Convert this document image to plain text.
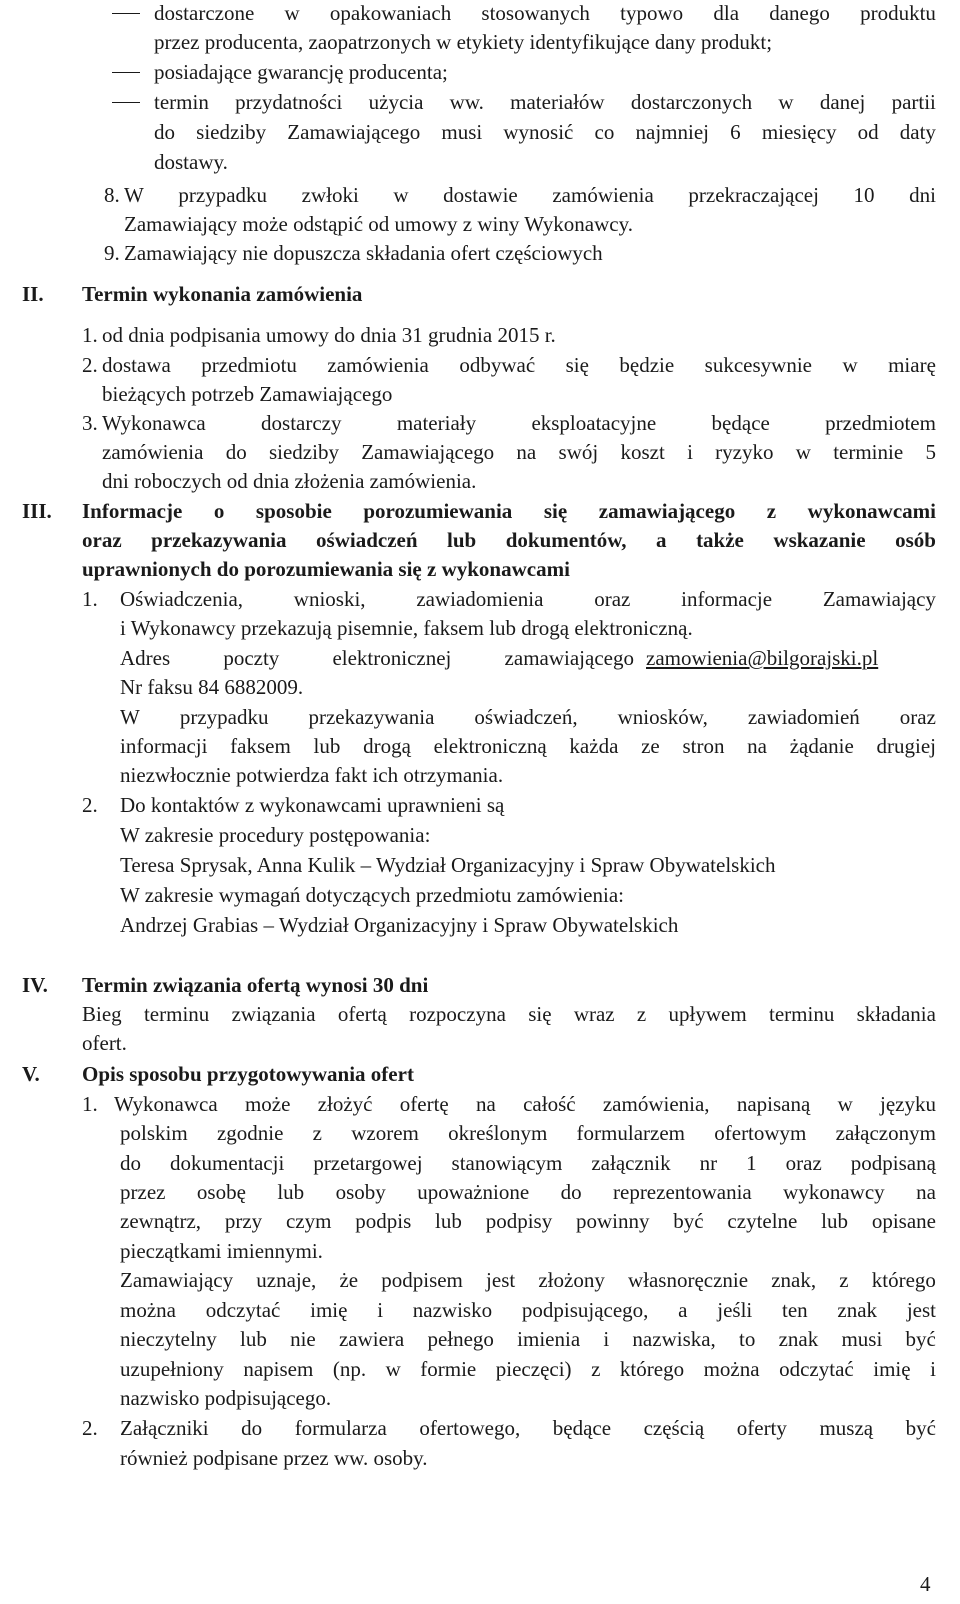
dostarczone w opakowaniach stosowanych typowo dla danego produktu
przez producenta, zaopatrzonych w etykiety identyfikujące dany produkt;
posiadające gwarancję producenta;
termin przydatności użycia ww. materiałów dostarczonych w danej partii
do siedziby Zamawiającego musi wynosić co najmniej 6 miesięcy od daty
dostawy.
8. W przypadku zwłoki w dostawie zamówienia przekraczającej 10 dni
Zamawiający może odstąpić od umowy z winy Wykonawcy.
9. Zamawiający nie dopuszcza składania ofert częściowych
II. Termin wykonania zamówienia
1. od dnia podpisania umowy do dnia 31 grudnia 2015 r.
2. dostawa przedmiotu zamówienia odbywać się będzie sukcesywnie w miarę
bieżących potrzeb Zamawiającego
3. Wykonawca	dostarczy	materiały	eksploatacyjne	będące	przedmiotem
zamówienia do siedziby Zamawiającego na swój koszt i ryzyko w terminie 5
dni roboczych od dnia złożenia zamówienia.
III. Informacje o sposobie porozumiewania się zamawiającego z wykonawcami
oraz przekazywania oświadczeń lub dokumentów, a także wskazanie osób
uprawnionych do porozumiewania się z wykonawcami
1. Oświadczenia, wnioski, zawiadomienia oraz informacje Zamawiający
i Wykonawcy przekazują pisemnie, faksem lub drogą elektroniczną.
Adres	poczty	elektronicznej	zamawiającego zamowienia@bilgorajski.pl
Nr faksu 84 6882009.
W przypadku przekazywania oświadczeń, wniosków, zawiadomień oraz
informacji faksem lub drogą elektroniczną każda ze stron na żądanie drugiej
niezwłocznie potwierdza fakt ich otrzymania.
2. Do kontaktów z wykonawcami uprawnieni są
W zakresie procedury postępowania:
Teresa Sprysak, Anna Kulik – Wydział Organizacyjny i Spraw Obywatelskich
W zakresie wymagań dotyczących przedmiotu zamówienia:
Andrzej Grabias – Wydział Organizacyjny i Spraw Obywatelskich
IV. Termin związania ofertą wynosi 30 dni
Bieg terminu związania ofertą rozpoczyna się wraz z upływem terminu składania
ofert.
V. Opis sposobu przygotowywania ofert
1. Wykonawca może złożyć ofertę na całość zamówienia, napisaną w języku
polskim zgodnie z wzorem określonym formularzem ofertowym załączonym
do dokumentacji przetargowej stanowiącym załącznik nr 1 oraz podpisaną
przez osobę lub osoby upoważnione do reprezentowania wykonawcy na
zewnątrz, przy czym podpis lub podpisy powinny być czytelne lub opisane
pieczątkami imiennymi.
Zamawiający uznaje, że podpisem jest złożony własnoręcznie znak, z którego
można odczytać imię i nazwisko podpisującego, a jeśli ten znak jest
nieczytelny lub nie zawiera pełnego imienia i nazwiska, to znak musi być
uzupełniony napisem (np. w formie pieczęci) z którego można odczytać imię i
nazwisko podpisującego.
2. Załączniki do formularza ofertowego, będące częścią oferty muszą być
również podpisane przez ww. osoby.
4
